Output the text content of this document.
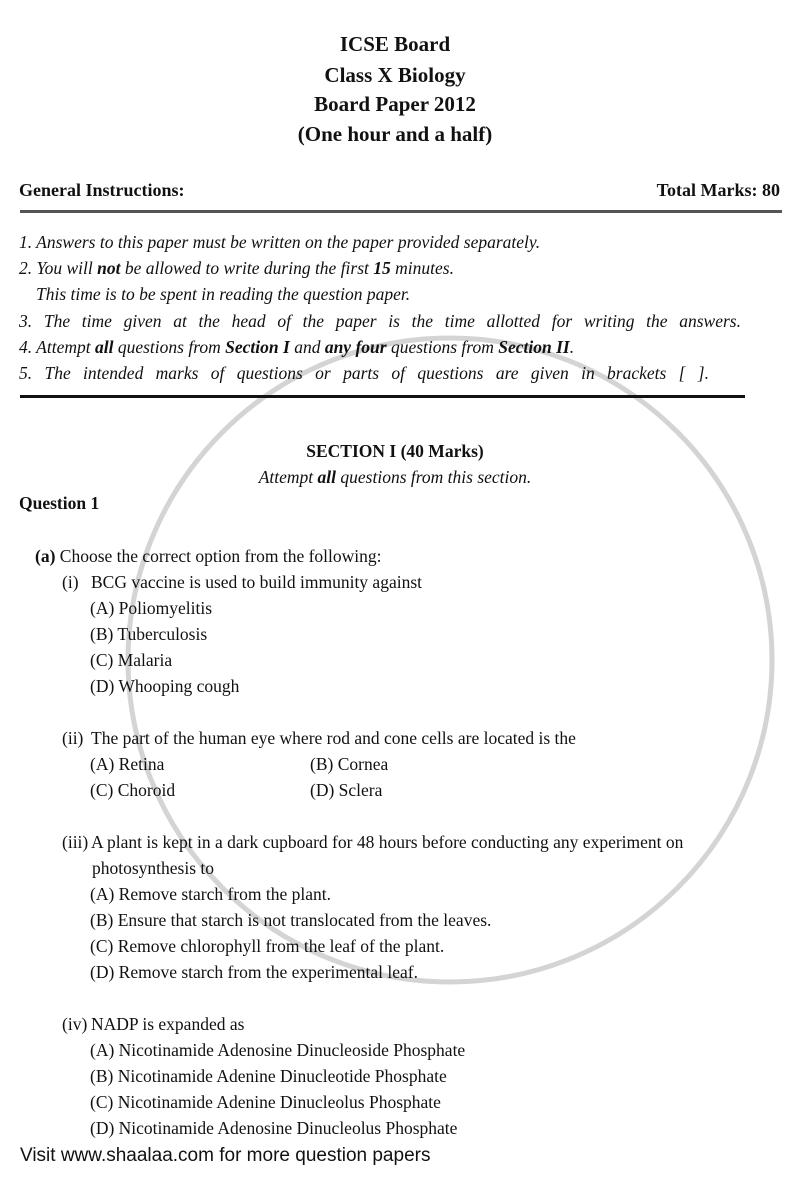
ICSE Board
Class X Biology
Board Paper 2012
(One hour and a half)
General Instructions:	Total Marks: 80
SECTION I (40 Marks)
Attempt all questions from this section.
Question 1
(a) Choose the correct option from the following:
Visit www.shaalaa.com for more question papers
1. Answers to this paper must be written on the paper provided separately.
2. You will not be allowed to write during the first 15 minutes.
This time is to be spent in reading the question paper.
3. The time given at the head of the paper is the time allotted for writing the answers.
4. Attempt all questions from Section I and any four questions from Section II.
5. The intended marks of questions or parts of questions are given in brackets [ ].
(i) BCG vaccine is used to build immunity against
(A) Poliomyelitis
(B) Tuberculosis
(C) Malaria
(D) Whooping cough
(ii) The part of the human eye where rod and cone cells are located is the
(A) Retina	(B) Cornea
(C) Choroid	(D) Sclera
(iii) A plant is kept in a dark cupboard for 48 hours before conducting any experiment on
photosynthesis to
(A) Remove starch from the plant.
(B) Ensure that starch is not translocated from the leaves.
(C) Remove chlorophyll from the leaf of the plant.
(D) Remove starch from the experimental leaf.
(iv) NADP is expanded as
(A) Nicotinamide Adenosine Dinucleoside Phosphate
(B) Nicotinamide Adenine Dinucleotide Phosphate
(C) Nicotinamide Adenine Dinucleolus Phosphate
(D) Nicotinamide Adenosine Dinucleolus Phosphate
